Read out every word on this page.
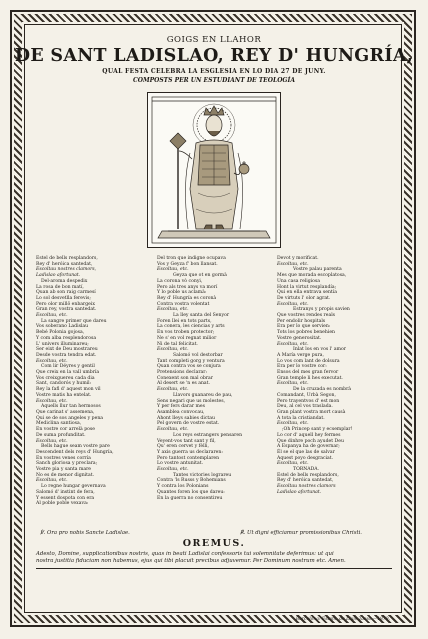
GOIGS EN LLAHOR
DE SANT LADISLAO, REY D' HUNGRÍA,
QUAL FESTA CELEBRA LA ESGLESIA EN LO DIA 27 DE JUNY.
COMPOSTS PER UN ESTUDIANT DE TEOLOGÍA
Estel de bells resplandors,
Rey d' heróica santedat,
Escoltau nostres clamors,
Ladislao afortunat.
Del-aroma despedix
La rosa de bon matí,
Quan ab son raig carmesí
Lo sol desvetlla ferevis;
Pero olor millô enbargeix
Gran rey, vostra santedat.
Escoltau, etc.
La sangre primer que dareu
Vos soberano Ladislau
Bebé Polonia gojosa,
Y com alba resplendorosa
L' univers illuminareu;
Ser eixt de Deu mostrareu
Desde vostra tendra edat.
Escoltau, etc.
Com lir Déyres y gentil
Que creix en la vall umbría
Vos creixguereu cada dia
Sant, candorós y humil:
Rey la fafl d' aquest mon vil
Vostre matis ha entelat.
Escoltau, etc.
Aquells llur tan hermosos
Que carinat s' assemena,
Qui se de sos angeles y pena
Mediclina santiosa,
En vostre cor arrelà pose
De suma profunditat.
Escoltau, etc.
Bells hague seam vostre pare
Descendent dels reys d' Hungría,
En vostres venes corría
Sanch gloriosa y preclara;
Vostre pia y santa mare
No es de menor dignitat.
Escoltau, etc.
Lo regne hungar gevernava
Salomó d' instint de fera,
Y essent dospota con era
Al poble poble vexava:
Del tron que indigne ocupava
Vos y Geyza f' bon llansat.
Escoltau, etc.
Geyza que ot en gormà
La corona vò conyi,
Pero als tres anys va morí
Y lo poble us aclamà:
Rey d' Hungría es coronà
Contra vostra volentat
Escoltau, etc.
La lley santa del Senyor
Foren llei en tots parts,
La conera, les ciencias y arts
En vos troben protector;
Ne s' en vol regnat milior
Ni de tal felicitat.
Escoltau, etc.
Salomó vol destorbar
Tant completi gorg y ventura
Quan contra vos se conjura
Pretensions declarar:
Conexent son mal obrar
Al desert se 'n es anat.
Escoltau, etc.
Llavors guanareu de pau,
Sens negari que us molestes,
Y per fers darar mes
Asamblea convocau,
Ahont lleys sabies dictau
Pel govern de vostre estat.
Escoltau, etc.
Los reys estrangers pensaren
Veyent-vos tant sant y fil,
Qu' eren cervet y fèlli,
Y axis guerra us declararen:
Pero tantost contemplaren
Lo vostre antunitat.
Escoltau, etc.
Tantes victories lograreu
Contra 'ls Russs y Bohemians
Y contra los Polonians
Quantes foren los que dareu:
En la guerra no consentireu
Devot y morificat.
Escoltau, etc.
Vostre palau parenta
Mes que morada escoplatosa,
Una casa religiosa
Hont la virtut resplandía;
Qui en ella entrava sentía
De virtuts l' olor agrat.
Escoltau, etc.
Estranys y propis savien
Que vostres rendes reals
Per endolir hospitals
Era per lo que servien:
Tots los pobres benehien
Vostre generositat.
Escoltau, etc.
Inlat los en vos l' amor
A María verge pura,
Lo vos com lant de dolsura
Era per lo vostre cor:
Ensos del mes gran fervor
Gran temple li hes executat.
Escoltau, etc.
De la cruzada es nombrà
Comandant, Urbà Segon,
Pero trayentvos d' est mon
Deu, al cel vos traslada.
Gran plant vostra mort causà
A tota la cristiandat.
Escoltau, etc.
;Oh Princep sant y ecsemplar!
Lo cor d' aquell hey fermes
Que dinhre poch ayudet Deu
A Espanya ha de governar;
Él se el que las de salvar
Aquest poyo desgraciat.
Escoltau, etc.
TORNADA.
Estel de bells resplandors,
Rey d' heróica santedat,
Escoltau nostres clamors
Ladislao afortunat.
℣. Ora pro nobis Sancte Ladislae.	℟. Ut digni efficiamur promissionibus Christi.
OREMUS.
Adesto, Domine, supplicationibus nostris, quas in beati Ladislai confessoris tui solemnitate deferimus: ut qui
nostra justitia fiduciam non habemus, ejus qui tibi placuit precibus adjuvemur. Per Dominum nostrum etc. Amen.
Barcelona: Estam. de Lluis Tasso.—1879.
